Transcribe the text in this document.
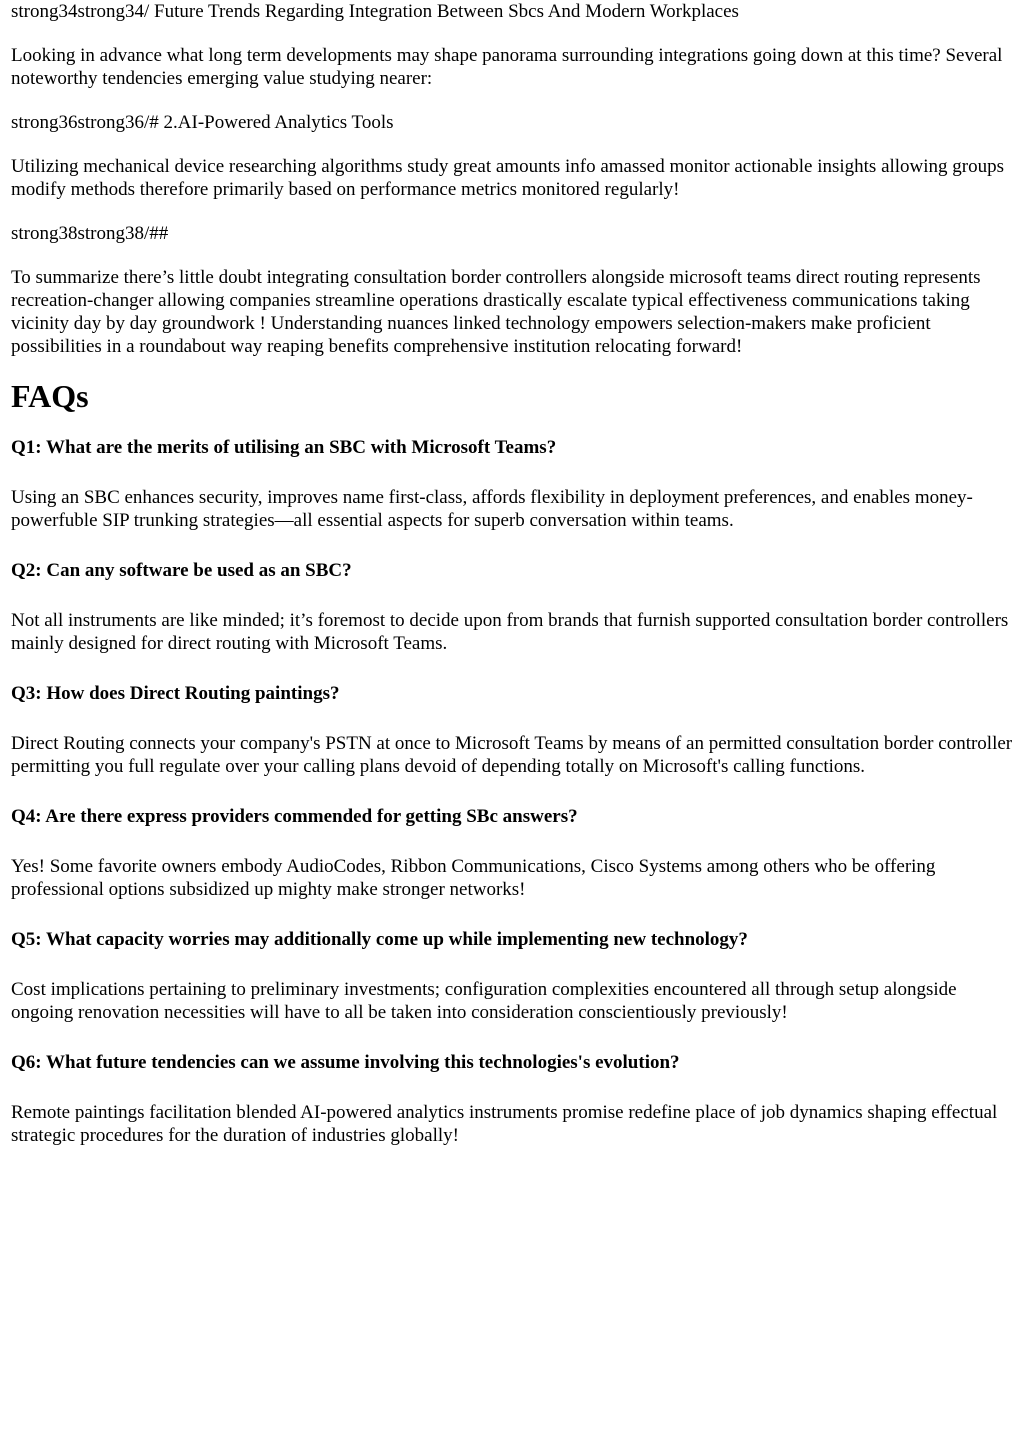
strong34strong34/ Future Trends Regarding Integration Between Sbcs And Modern Workplaces

Looking in advance what long term developments may shape panorama surrounding integrations going down at this time? Several noteworthy tendencies emerging value studying nearer:

strong36strong36/# 2.AI-Powered Analytics Tools

Utilizing mechanical device researching algorithms study great amounts info amassed monitor actionable insights allowing groups modify methods therefore primarily based on performance metrics monitored regularly!

strong38strong38/##

To summarize there’s little doubt integrating consultation border controllers alongside microsoft teams direct routing represents recreation-changer allowing companies streamline operations drastically escalate typical effectiveness communications taking vicinity day by day groundwork ! Understanding nuances linked technology empowers selection-makers make proficient possibilities in a roundabout way reaping benefits comprehensive institution relocating forward!

FAQs

Q1: What are the merits of utilising an SBC with Microsoft Teams?

Using an SBC enhances security, improves name first-class, affords flexibility in deployment preferences, and enables money-powerfuble SIP trunking strategies—all essential aspects for superb conversation within teams.

Q2: Can any software be used as an SBC?

Not all instruments are like minded; it’s foremost to decide upon from brands that furnish supported consultation border controllers mainly designed for direct routing with Microsoft Teams.

Q3: How does Direct Routing paintings?

Direct Routing connects your company's PSTN at once to Microsoft Teams by means of an permitted consultation border controller permitting you full regulate over your calling plans devoid of depending totally on Microsoft's calling functions.

Q4: Are there express providers commended for getting SBc answers?

Yes! Some favorite owners embody AudioCodes, Ribbon Communications, Cisco Systems among others who be offering professional options subsidized up mighty make stronger networks!

Q5: What capacity worries may additionally come up while implementing new technology?

Cost implications pertaining to preliminary investments; configuration complexities encountered all through setup alongside ongoing renovation necessities will have to all be taken into consideration conscientiously previously!

Q6: What future tendencies can we assume involving this technologies's evolution?

Remote paintings facilitation blended AI-powered analytics instruments promise redefine place of job dynamics shaping effectual strategic procedures for the duration of industries globally!
